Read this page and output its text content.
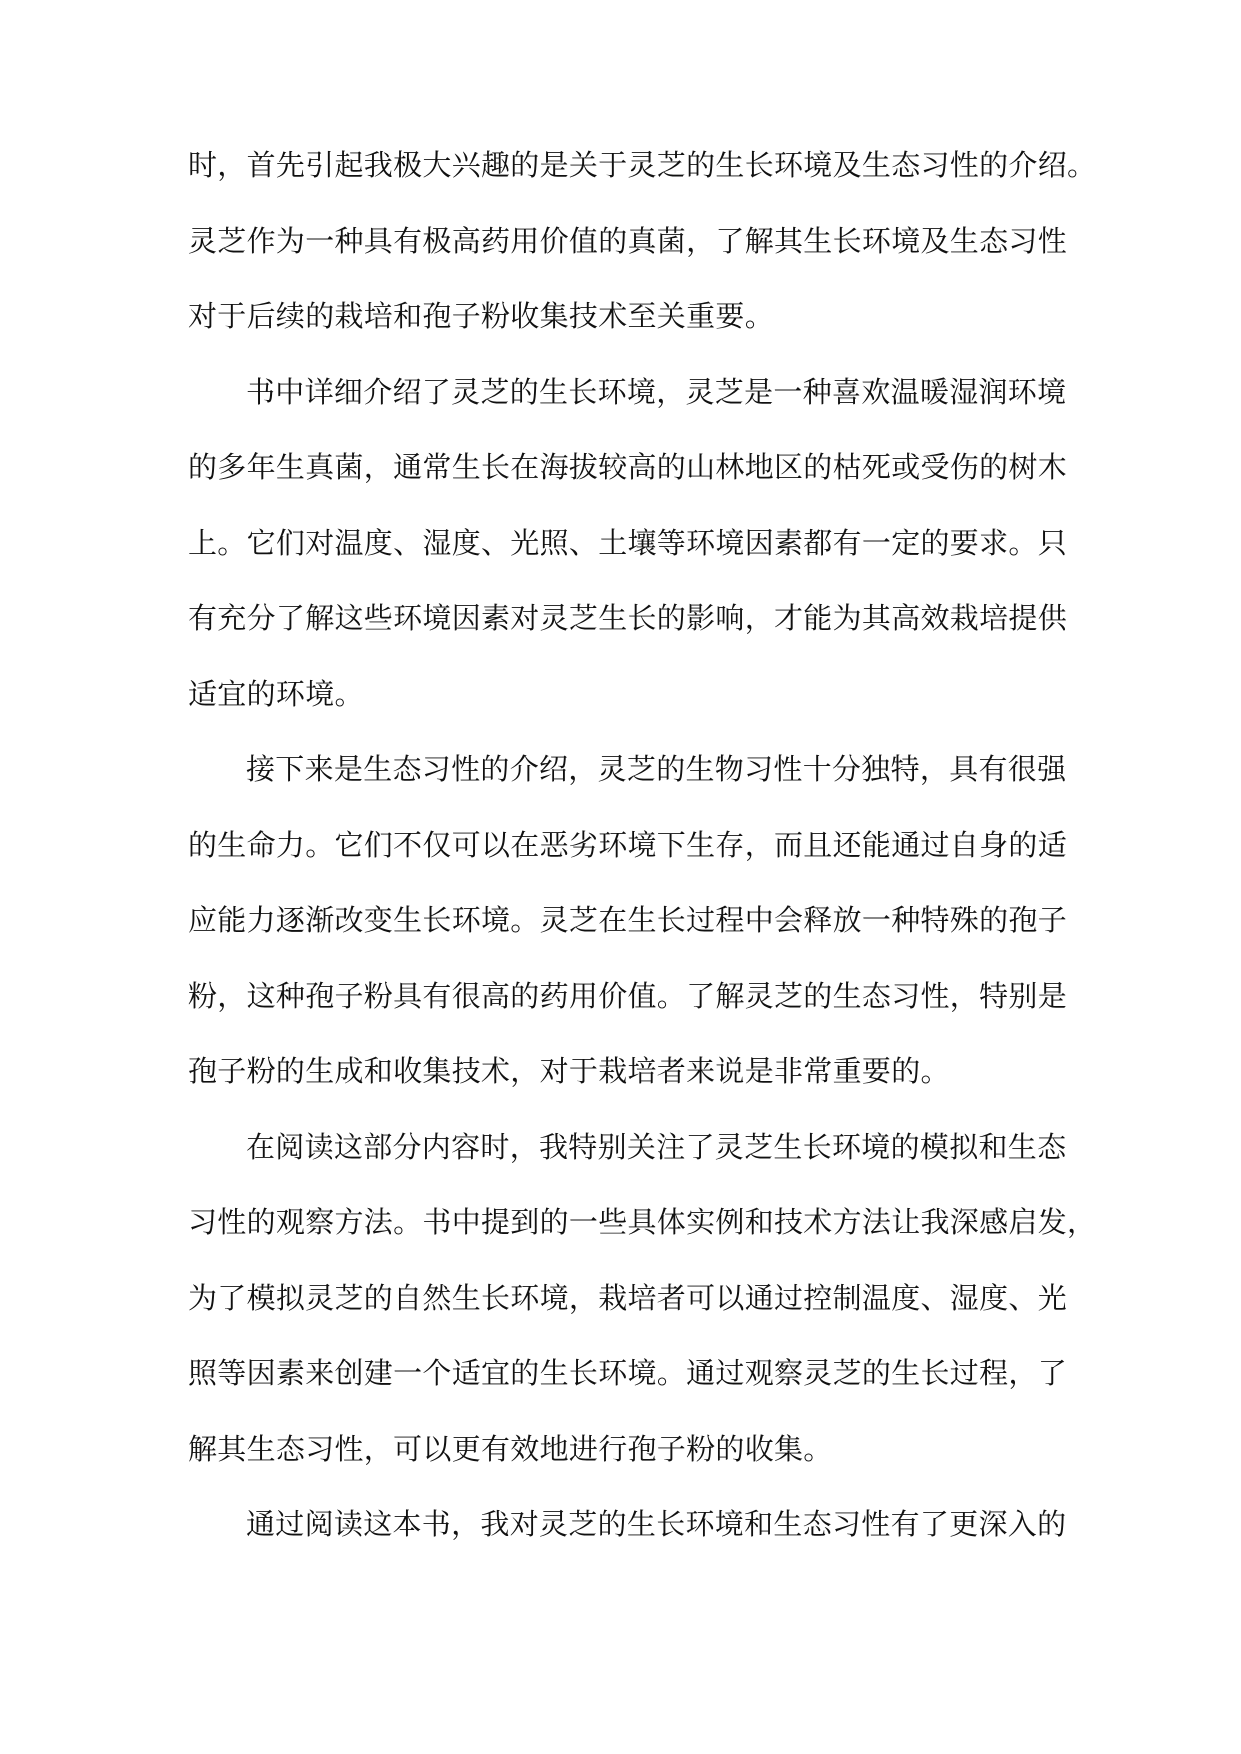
时，首先引起我极大兴趣的是关于灵芝的生长环境及生态习性的介绍。
灵芝作为一种具有极高药用价值的真菌，了解其生长环境及生态习性
对于后续的栽培和孢子粉收集技术至关重要。
书中详细介绍了灵芝的生长环境，灵芝是一种喜欢温暖湿润环境
的多年生真菌，通常生长在海拔较高的山林地区的枯死或受伤的树木
上。它们对温度、湿度、光照、土壤等环境因素都有一定的要求。只
有充分了解这些环境因素对灵芝生长的影响，才能为其高效栽培提供
适宜的环境。
接下来是生态习性的介绍，灵芝的生物习性十分独特，具有很强
的生命力。它们不仅可以在恶劣环境下生存，而且还能通过自身的适
应能力逐渐改变生长环境。灵芝在生长过程中会释放一种特殊的孢子
粉，这种孢子粉具有很高的药用价值。了解灵芝的生态习性，特别是
孢子粉的生成和收集技术，对于栽培者来说是非常重要的。
在阅读这部分内容时，我特别关注了灵芝生长环境的模拟和生态
习性的观察方法。书中提到的一些具体实例和技术方法让我深感启发，
为了模拟灵芝的自然生长环境，栽培者可以通过控制温度、湿度、光
照等因素来创建一个适宜的生长环境。通过观察灵芝的生长过程，了
解其生态习性，可以更有效地进行孢子粉的收集。
通过阅读这本书，我对灵芝的生长环境和生态习性有了更深入的
